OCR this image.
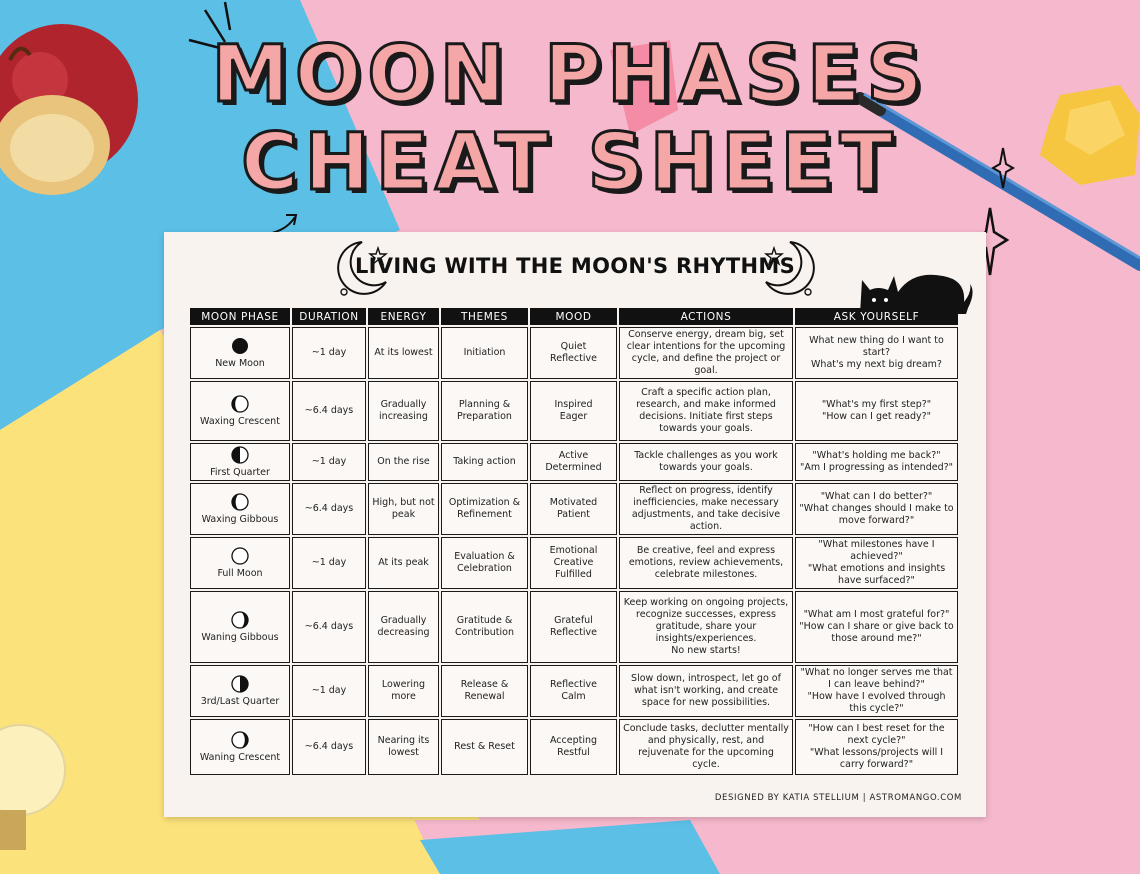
MOON PHASES
CHEAT SHEET
LIVING WITH THE MOON'S RHYTHMS
MOON PHASE	DURATION	ENERGY	THEMES	MOOD	ACTIONS	ASK YOURSELF

New Moon	~1 day	At its lowest	Initiation	Quiet
Reflective	Conserve energy, dream big, set clear intentions for the upcoming cycle, and define the project or goal.	What new thing do I want to start?
What's my next big dream?

Waxing Crescent	~6.4 days	Gradually increasing	Planning &
Preparation	Inspired
Eager	Craft a specific action plan, research, and make informed decisions. Initiate first steps towards your goals.	"What's my first step?"
"How can I get ready?"

First Quarter	~1 day	On the rise	Taking action	Active
Determined	Tackle challenges as you work towards your goals.	"What's holding me back?"
"Am I progressing as intended?"

Waxing Gibbous	~6.4 days	High, but not peak	Optimization &
Refinement	Motivated
Patient	Reflect on progress, identify inefficiencies, make necessary adjustments, and take decisive action.	"What can I do better?"
"What changes should I make to move forward?"

Full Moon	~1 day	At its peak	Evaluation &
Celebration	Emotional
Creative
Fulfilled	Be creative, feel and express emotions, review achievements, celebrate milestones.	"What milestones have I achieved?"
"What emotions and insights have surfaced?"

Waning Gibbous	~6.4 days	Gradually decreasing	Gratitude &
Contribution	Grateful
Reflective	Keep working on ongoing projects, recognize successes, express gratitude, share your insights/experiences.
No new starts!	"What am I most grateful for?"
"How can I share or give back to those around me?"

3rd/Last Quarter	~1 day	Lowering more	Release &
Renewal	Reflective
Calm	Slow down, introspect, let go of what isn't working, and create space for new possibilities.	"What no longer serves me that I can leave behind?"
"How have I evolved through this cycle?"

Waning Crescent	~6.4 days	Nearing its lowest	Rest & Reset	Accepting
Restful	Conclude tasks, declutter mentally and physically, rest, and rejuvenate for the upcoming cycle.	"How can I best reset for the next cycle?"
"What lessons/projects will I carry forward?"
DESIGNED BY KATIA STELLIUM | ASTROMANGO.COM
